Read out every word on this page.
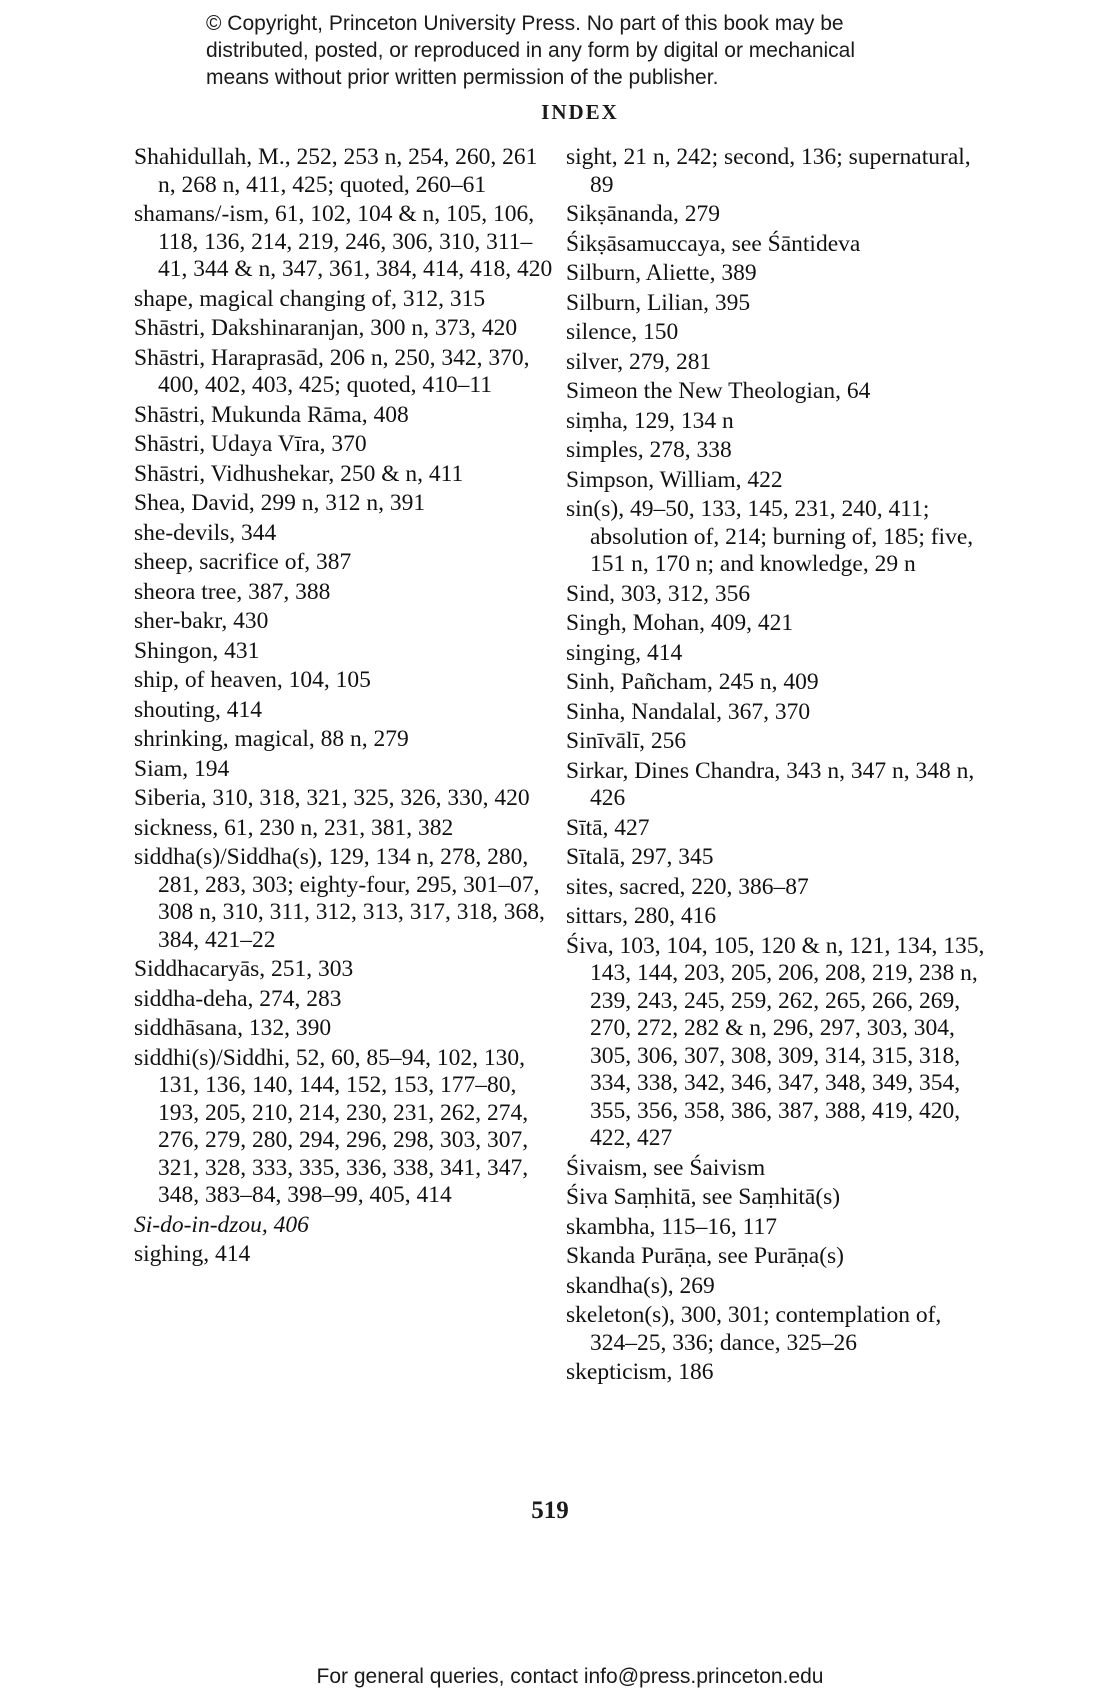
© Copyright, Princeton University Press. No part of this book may be
distributed, posted, or reproduced in any form by digital or mechanical
means without prior written permission of the publisher.
INDEX
Shahidullah, M., 252, 253 n, 254, 260, 261 n, 268 n, 411, 425; quoted, 260–61
shamans/-ism, 61, 102, 104 & n, 105, 106, 118, 136, 214, 219, 246, 306, 310, 311–41, 344 & n, 347, 361, 384, 414, 418, 420
shape, magical changing of, 312, 315
Shāstri, Dakshinaranjan, 300 n, 373, 420
Shāstri, Haraprasād, 206 n, 250, 342, 370, 400, 402, 403, 425; quoted, 410–11
Shāstri, Mukunda Rāma, 408
Shāstri, Udaya Vīra, 370
Shāstri, Vidhushekar, 250 & n, 411
Shea, David, 299 n, 312 n, 391
she-devils, 344
sheep, sacrifice of, 387
sheora tree, 387, 388
sher-bakr, 430
Shingon, 431
ship, of heaven, 104, 105
shouting, 414
shrinking, magical, 88 n, 279
Siam, 194
Siberia, 310, 318, 321, 325, 326, 330, 420
sickness, 61, 230 n, 231, 381, 382
siddha(s)/Siddha(s), 129, 134 n, 278, 280, 281, 283, 303; eighty-four, 295, 301–07, 308 n, 310, 311, 312, 313, 317, 318, 368, 384, 421–22
Siddhacaryās, 251, 303
siddha-deha, 274, 283
siddhāsana, 132, 390
siddhi(s)/Siddhi, 52, 60, 85–94, 102, 130, 131, 136, 140, 144, 152, 153, 177–80, 193, 205, 210, 214, 230, 231, 262, 274, 276, 279, 280, 294, 296, 298, 303, 307, 321, 328, 333, 335, 336, 338, 341, 347, 348, 383–84, 398–99, 405, 414
Si-do-in-dzou, 406
sighing, 414
sight, 21 n, 242; second, 136; supernatural, 89
Sikṣānanda, 279
Śikṣāsamuccaya, see Śāntideva
Silburn, Aliette, 389
Silburn, Lilian, 395
silence, 150
silver, 279, 281
Simeon the New Theologian, 64
siṃha, 129, 134 n
simples, 278, 338
Simpson, William, 422
sin(s), 49–50, 133, 145, 231, 240, 411; absolution of, 214; burning of, 185; five, 151 n, 170 n; and knowledge, 29 n
Sind, 303, 312, 356
Singh, Mohan, 409, 421
singing, 414
Sinh, Pañcham, 245 n, 409
Sinha, Nandalal, 367, 370
Sinīvālī, 256
Sirkar, Dines Chandra, 343 n, 347 n, 348 n, 426
Sītā, 427
Sītalā, 297, 345
sites, sacred, 220, 386–87
sittars, 280, 416
Śiva, 103, 104, 105, 120 & n, 121, 134, 135, 143, 144, 203, 205, 206, 208, 219, 238 n, 239, 243, 245, 259, 262, 265, 266, 269, 270, 272, 282 & n, 296, 297, 303, 304, 305, 306, 307, 308, 309, 314, 315, 318, 334, 338, 342, 346, 347, 348, 349, 354, 355, 356, 358, 386, 387, 388, 419, 420, 422, 427
Śivaism, see Śaivism
Śiva Saṃhitā, see Saṃhitā(s)
skambha, 115–16, 117
Skanda Purāṇa, see Purāṇa(s)
skandha(s), 269
skeleton(s), 300, 301; contemplation of, 324–25, 336; dance, 325–26
skepticism, 186
519
For general queries, contact info@press.princeton.edu
